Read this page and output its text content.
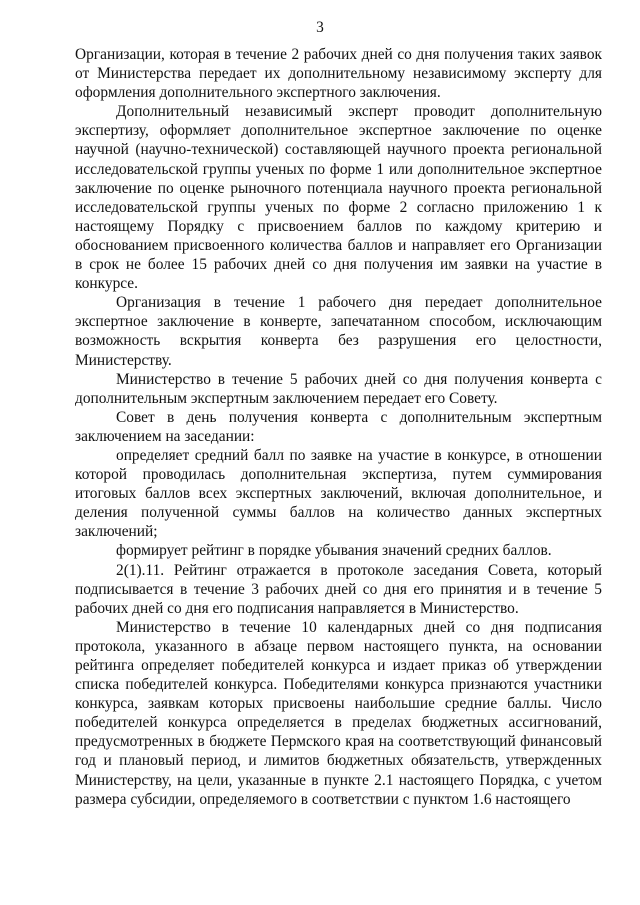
3

Организации, которая в течение 2 рабочих дней со дня получения таких заявок от Министерства передает их дополнительному независимому эксперту для оформления дополнительного экспертного заключения.

Дополнительный независимый эксперт проводит дополнительную экспертизу, оформляет дополнительное экспертное заключение по оценке научной (научно-технической) составляющей научного проекта региональной исследовательской группы ученых по форме 1 или дополнительное экспертное заключение по оценке рыночного потенциала научного проекта региональной исследовательской группы ученых по форме 2 согласно приложению 1 к настоящему Порядку с присвоением баллов по каждому критерию и обоснованием присвоенного количества баллов и направляет его Организации в срок не более 15 рабочих дней со дня получения им заявки на участие в конкурсе.

Организация в течение 1 рабочего дня передает дополнительное экспертное заключение в конверте, запечатанном способом, исключающим возможность вскрытия конверта без разрушения его целостности, Министерству.

Министерство в течение 5 рабочих дней со дня получения конверта с дополнительным экспертным заключением передает его Совету.

Совет в день получения конверта с дополнительным экспертным заключением на заседании:

определяет средний балл по заявке на участие в конкурсе, в отношении которой проводилась дополнительная экспертиза, путем суммирования итоговых баллов всех экспертных заключений, включая дополнительное, и деления полученной суммы баллов на количество данных экспертных заключений;

формирует рейтинг в порядке убывания значений средних баллов.

2(1).11. Рейтинг отражается в протоколе заседания Совета, который подписывается в течение 3 рабочих дней со дня его принятия и в течение 5 рабочих дней со дня его подписания направляется в Министерство.

Министерство в течение 10 календарных дней со дня подписания протокола, указанного в абзаце первом настоящего пункта, на основании рейтинга определяет победителей конкурса и издает приказ об утверждении списка победителей конкурса. Победителями конкурса признаются участники конкурса, заявкам которых присвоены наибольшие средние баллы. Число победителей конкурса определяется в пределах бюджетных ассигнований, предусмотренных в бюджете Пермского края на соответствующий финансовый год и плановый период, и лимитов бюджетных обязательств, утвержденных Министерству, на цели, указанные в пункте 2.1 настоящего Порядка, с учетом размера субсидии, определяемого в соответствии с пунктом 1.6 настоящего
